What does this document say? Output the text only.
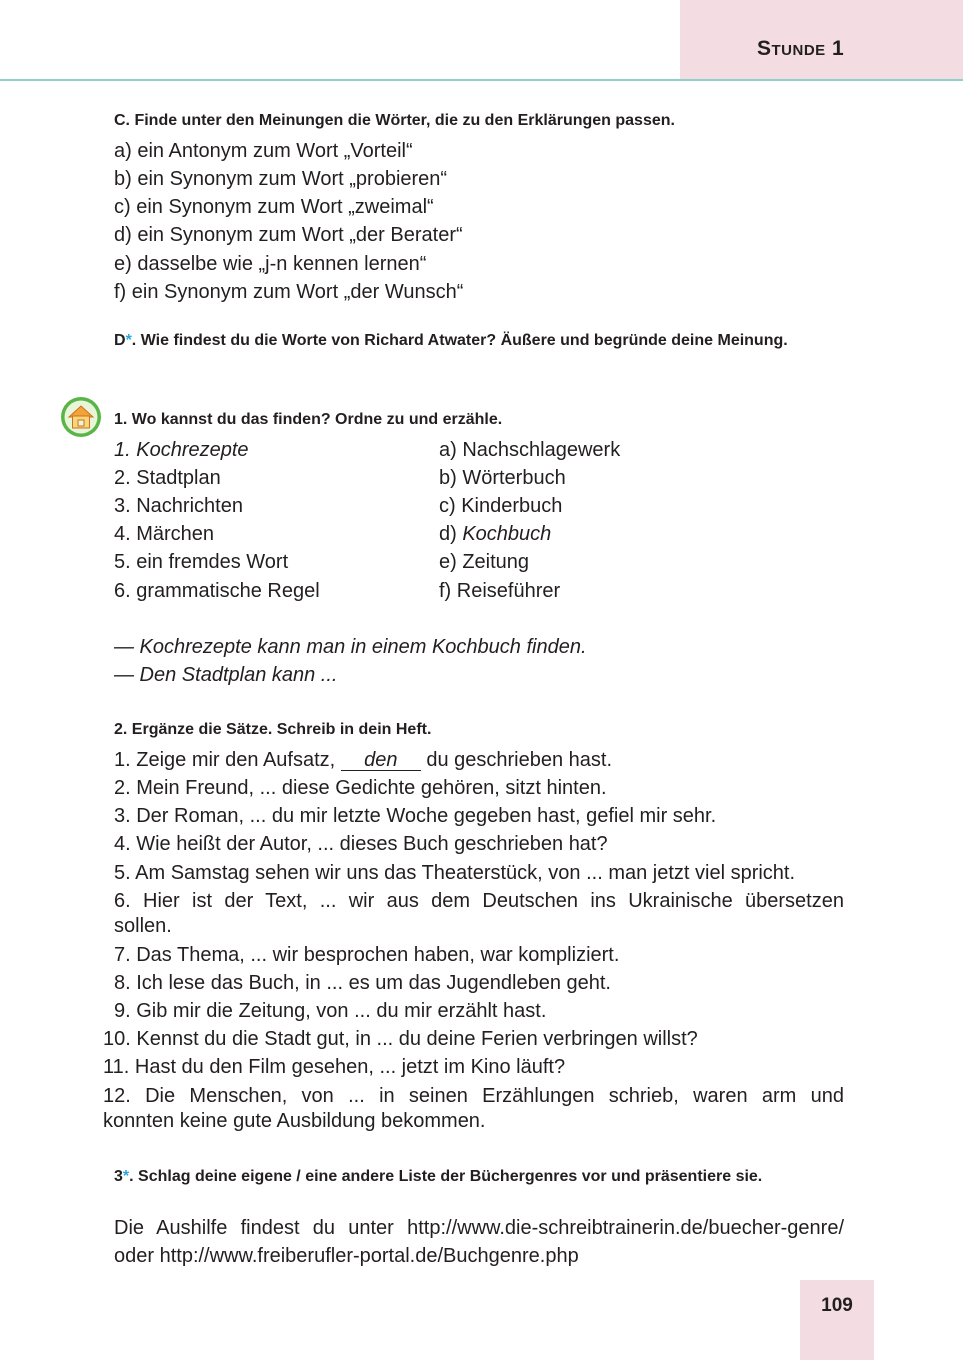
Stunde 1
C. Finde unter den Meinungen die Wörter, die zu den Erklärungen passen.
a) ein Antonym zum Wort „Vorteil“
b) ein Synonym zum Wort „probieren“
c) ein Synonym zum Wort „zweimal“
d) ein Synonym zum Wort „der Berater“
e) dasselbe wie „j-n kennen lernen“
f) ein Synonym zum Wort „der Wunsch“
D*. Wie findest du die Worte von Richard Atwater? Äußere und begründe deine Meinung.
1. Wo kannst du das finden? Ordne zu und erzähle.
1. Kochrezepte
2. Stadtplan
3. Nachrichten
4. Märchen
5. ein fremdes Wort
6. grammatische Regel
a) Nachschlagewerk
b) Wörterbuch
c) Kinderbuch
d) Kochbuch
e) Zeitung
f) Reiseführer
— Kochrezepte kann man in einem Kochbuch finden.
— Den Stadtplan kann ...
2. Ergänze die Sätze. Schreib in dein Heft.
1. Zeige mir den Aufsatz, den du geschrieben hast.
2. Mein Freund, ... diese Gedichte gehören, sitzt hinten.
3. Der Roman, ... du mir letzte Woche gegeben hast, gefiel mir sehr.
4. Wie heißt der Autor, ... dieses Buch geschrieben hat?
5. Am Samstag sehen wir uns das Theaterstück, von ... man jetzt viel spricht.
6. Hier ist der Text, ... wir aus dem Deutschen ins Ukrainische übersetzen
sollen.
7. Das Thema, ... wir besprochen haben, war kompliziert.
8. Ich lese das Buch, in ... es um das Jugendleben geht.
9. Gib mir die Zeitung, von ... du mir erzählt hast.
10. Kennst du die Stadt gut, in ... du deine Ferien verbringen willst?
11. Hast du den Film gesehen, ... jetzt im Kino läuft?
12. Die Menschen, von ... in seinen Erzählungen schrieb, waren arm und
konnten keine gute Ausbildung bekommen.
3*. Schlag deine eigene / eine andere Liste der Büchergenres vor und präsentiere sie.
Die Aushilfe findest du unter http://www.die-schreibtrainerin.de/buecher-genre/
oder http://www.freiberufler-portal.de/Buchgenre.php
109
